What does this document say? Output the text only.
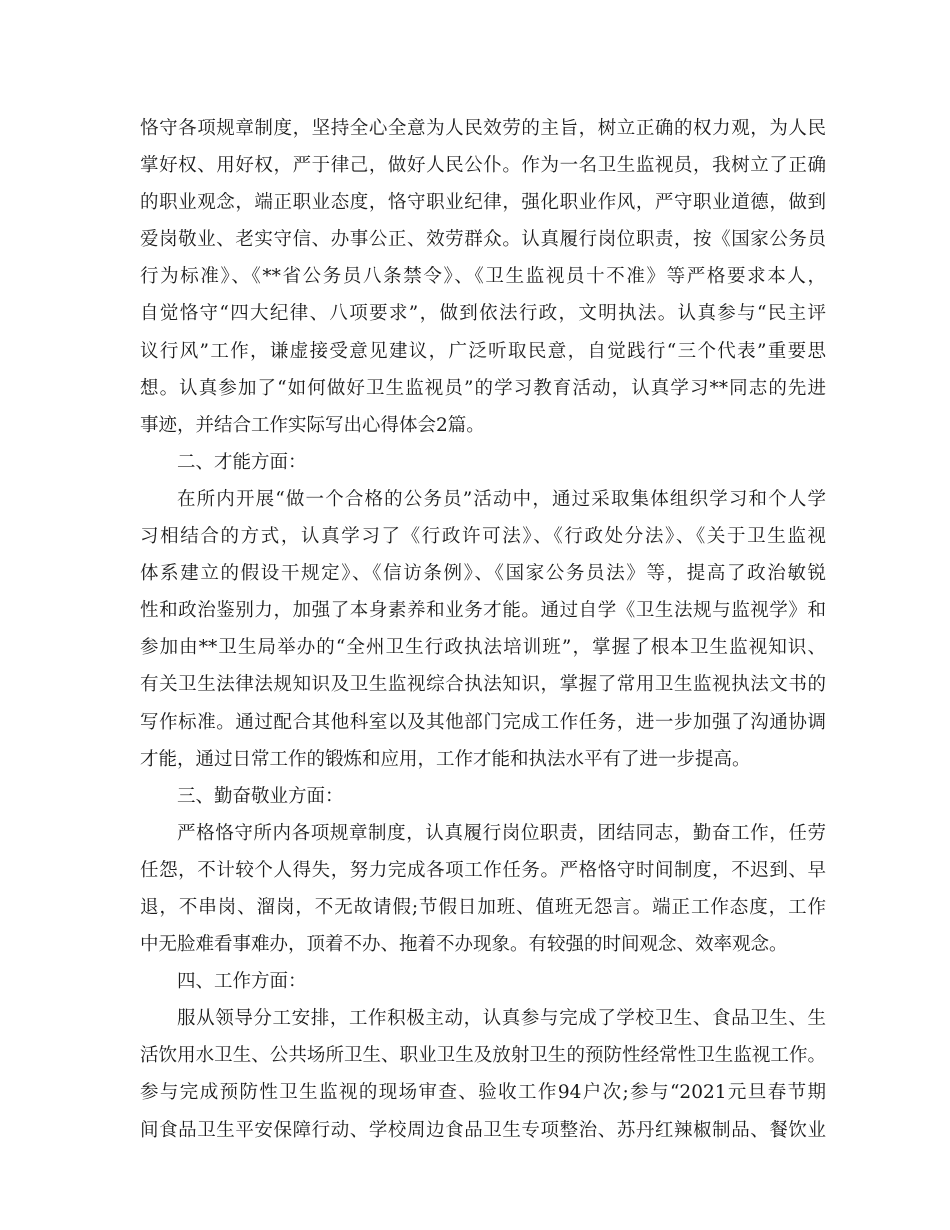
恪守各项规章制度，坚持全心全意为人民效劳的主旨，树立正确的权力观，为人民
掌好权、用好权，严于律己，做好人民公仆。作为一名卫生监视员，我树立了正确
的职业观念，端正职业态度，恪守职业纪律，强化职业作风，严守职业道德，做到
爱岗敬业、老实守信、办事公正、效劳群众。认真履行岗位职责，按《国家公务员
行为标准》、《**省公务员八条禁令》、《卫生监视员十不准》等严格要求本人，
自觉恪守“四大纪律、八项要求”，做到依法行政，文明执法。认真参与“民主评
议行风”工作，谦虚接受意见建议，广泛听取民意，自觉践行“三个代表”重要思
想。认真参加了“如何做好卫生监视员”的学习教育活动，认真学习**同志的先进
事迹，并结合工作实际写出心得体会2篇。
二、才能方面：
在所内开展“做一个合格的公务员”活动中，通过采取集体组织学习和个人学
习相结合的方式，认真学习了《行政许可法》、《行政处分法》、《关于卫生监视
体系建立的假设干规定》、《信访条例》、《国家公务员法》等，提高了政治敏锐
性和政治鉴别力，加强了本身素养和业务才能。通过自学《卫生法规与监视学》和
参加由**卫生局举办的“全州卫生行政执法培训班”，掌握了根本卫生监视知识、
有关卫生法律法规知识及卫生监视综合执法知识，掌握了常用卫生监视执法文书的
写作标准。通过配合其他科室以及其他部门完成工作任务，进一步加强了沟通协调
才能，通过日常工作的锻炼和应用，工作才能和执法水平有了进一步提高。
三、勤奋敬业方面：
严格恪守所内各项规章制度，认真履行岗位职责，团结同志，勤奋工作，任劳
任怨，不计较个人得失，努力完成各项工作任务。严格恪守时间制度，不迟到、早
退，不串岗、溜岗，不无故请假;节假日加班、值班无怨言。端正工作态度，工作
中无脸难看事难办，顶着不办、拖着不办现象。有较强的时间观念、效率观念。
四、工作方面：
服从领导分工安排，工作积极主动，认真参与完成了学校卫生、食品卫生、生
活饮用水卫生、公共场所卫生、职业卫生及放射卫生的预防性经常性卫生监视工作。
参与完成预防性卫生监视的现场审查、验收工作94户次;参与“2021元旦春节期
间食品卫生平安保障行动、学校周边食品卫生专项整治、苏丹红辣椒制品、餐饮业
